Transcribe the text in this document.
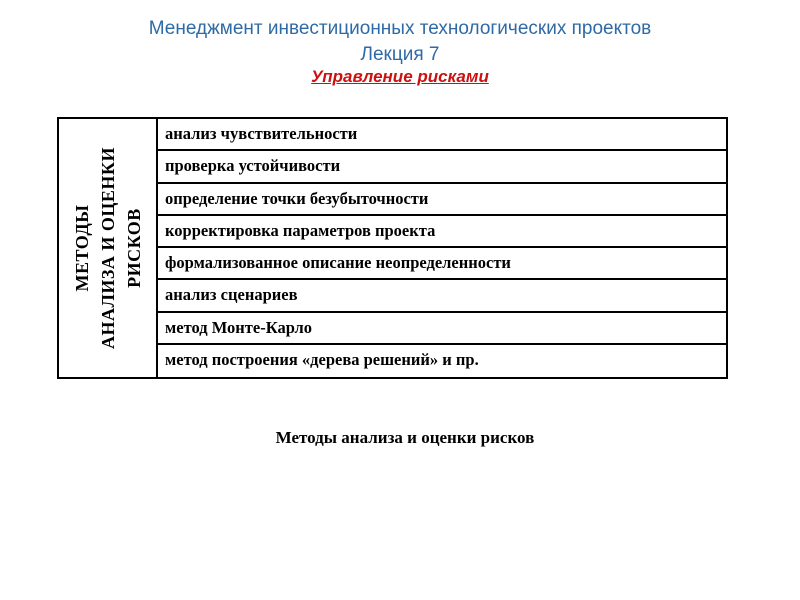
Менеджмент инвестиционных технологических проектов
Лекция 7
Управление рисками
МЕТОДЫ АНАЛИЗА И ОЦЕНКИ РИСКОВ
анализ чувствительности
проверка устойчивости
определение точки безубыточности
корректировка параметров проекта
формализованное описание неопределенности
анализ сценариев
метод Монте-Карло
метод построения «дерева решений» и пр.
Методы анализа и оценки рисков
